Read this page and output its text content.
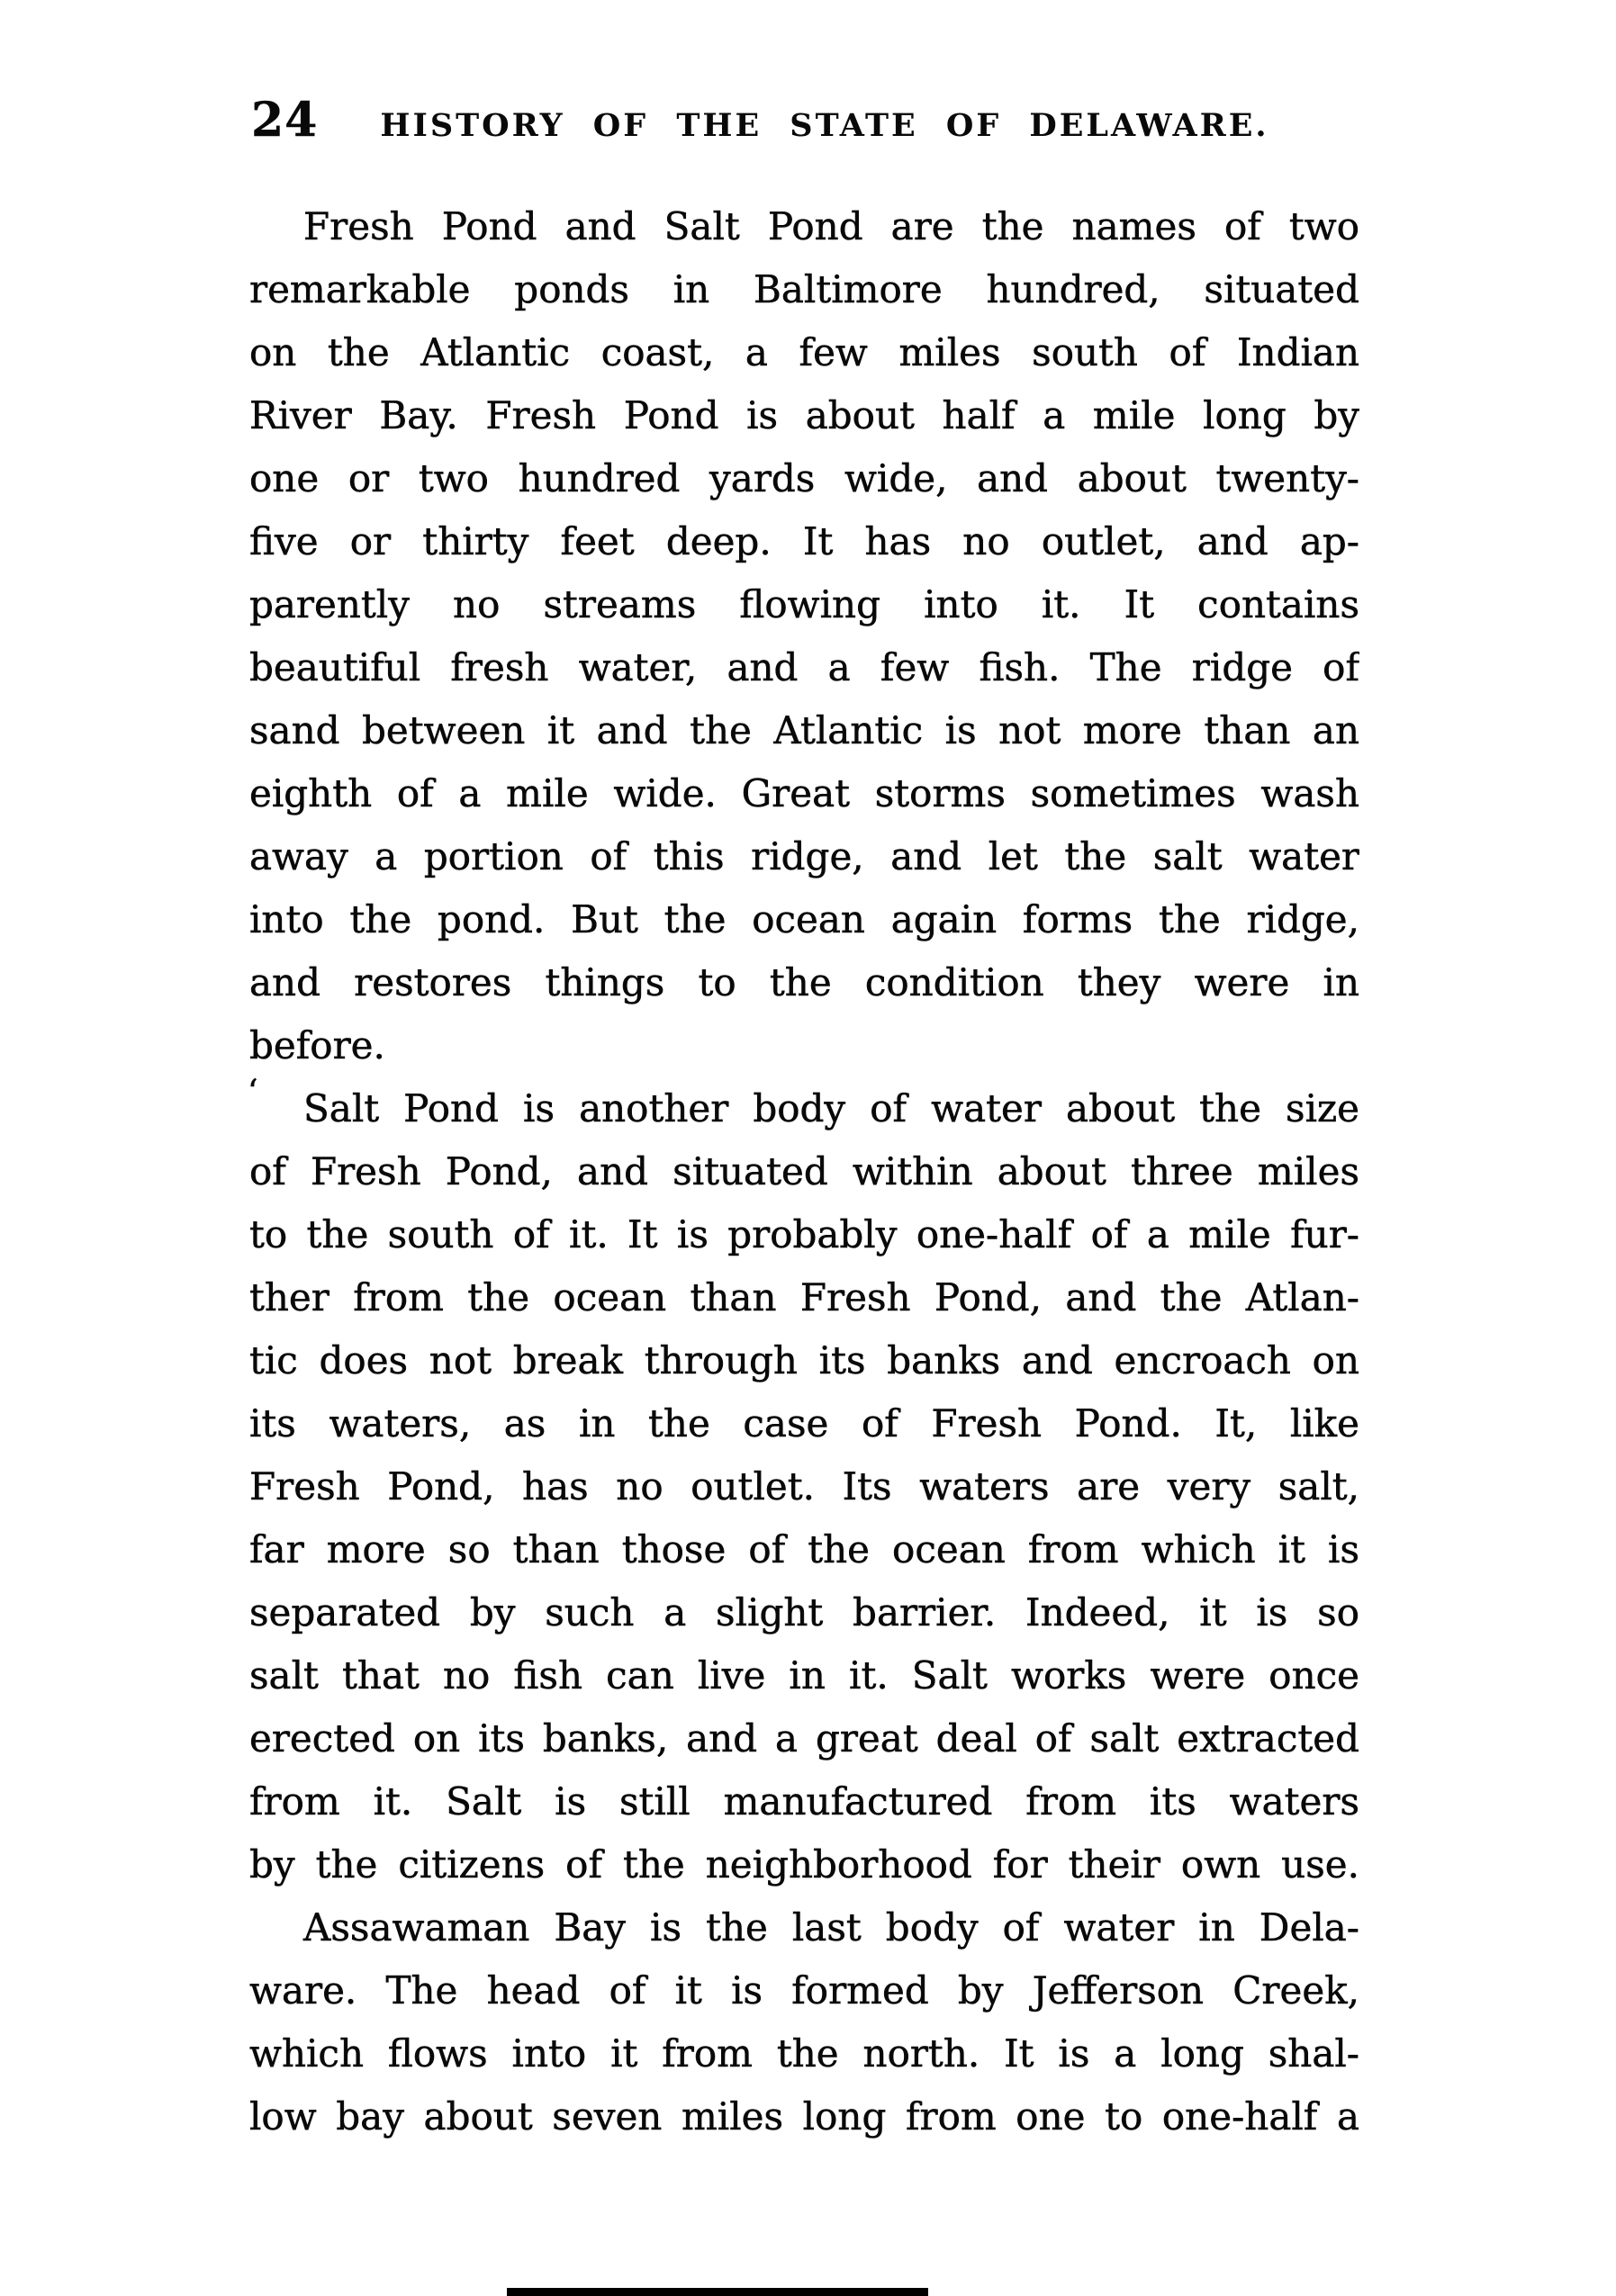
24	HISTORY OF THE STATE OF DELAWARE.
Fresh Pond and Salt Pond are the names of two
remarkable ponds in Baltimore hundred, situated
on the Atlantic coast, a few miles south of Indian
River Bay. Fresh Pond is about half a mile long by
one or two hundred yards wide, and about twenty-
five or thirty feet deep. It has no outlet, and ap-
parently no streams flowing into it. It contains
beautiful fresh water, and a few fish. The ridge of
sand between it and the Atlantic is not more than an
eighth of a mile wide. Great storms sometimes wash
away a portion of this ridge, and let the salt water
into the pond. But the ocean again forms the ridge,
and restores things to the condition they were in
before.
Salt Pond is another body of water about the size
of Fresh Pond, and situated within about three miles
to the south of it. It is probably one-half of a mile fur-
ther from the ocean than Fresh Pond, and the Atlan-
tic does not break through its banks and encroach on
its waters, as in the case of Fresh Pond. It, like
Fresh Pond, has no outlet. Its waters are very salt,
far more so than those of the ocean from which it is
separated by such a slight barrier. Indeed, it is so
salt that no fish can live in it. Salt works were once
erected on its banks, and a great deal of salt extracted
from it. Salt is still manufactured from its waters
by the citizens of the neighborhood for their own use.
Assawaman Bay is the last body of water in Dela-
ware. The head of it is formed by Jefferson Creek,
which flows into it from the north. It is a long shal-
low bay about seven miles long from one to one-half a
‘
